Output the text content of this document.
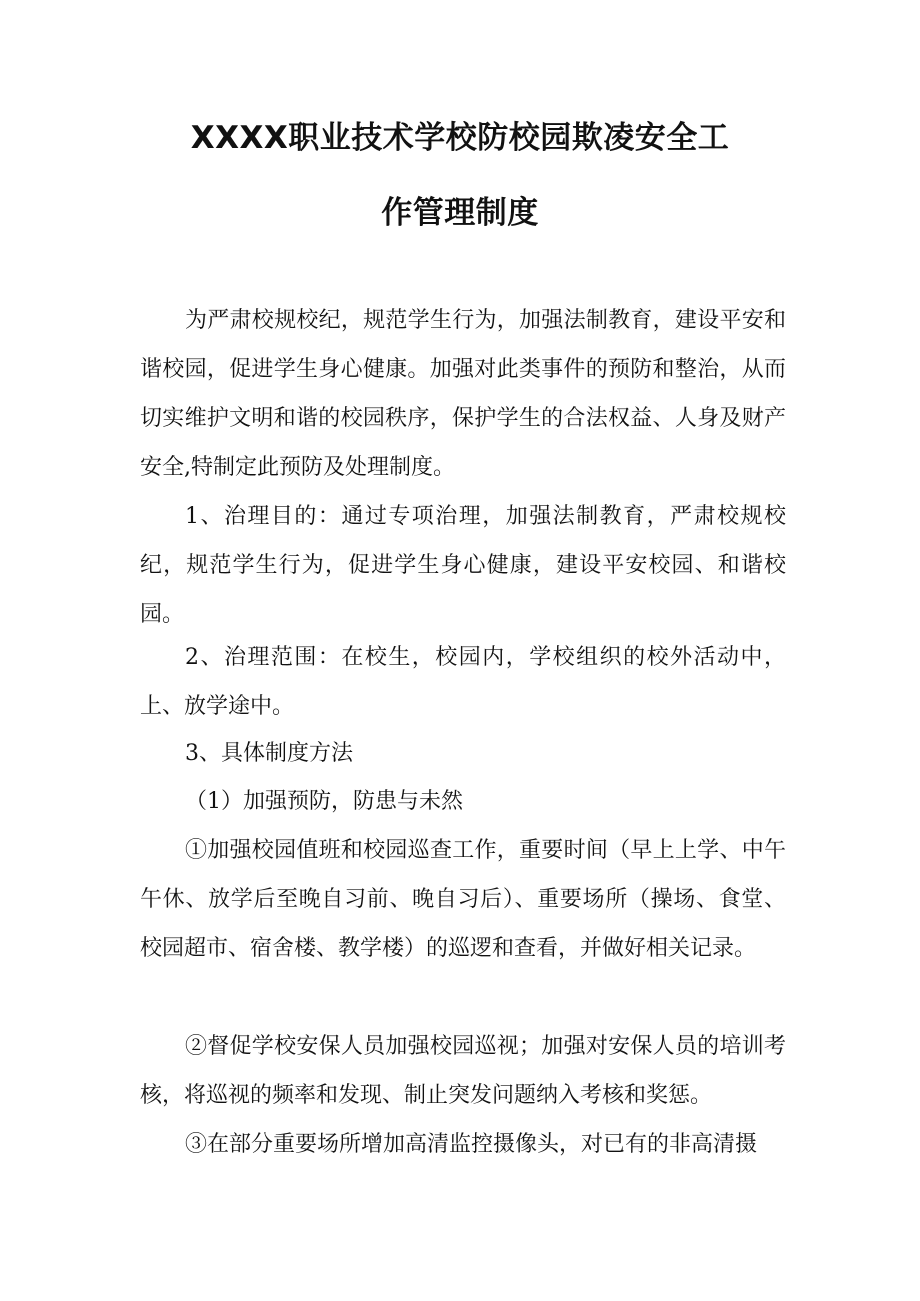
XXXX职业技术学校防校园欺凌安全工
作管理制度

为严肃校规校纪，规范学生行为，加强法制教育，建设平安和谐校园，促进学生身心健康。加强对此类事件的预防和整治，从而切实维护文明和谐的校园秩序，保护学生的合法权益、人身及财产安全,特制定此预防及处理制度。

1、治理目的：通过专项治理，加强法制教育，严肃校规校纪，规范学生行为，促进学生身心健康，建设平安校园、和谐校园。

2、治理范围：在校生，校园内，学校组织的校外活动中，上、放学途中。

3、具体制度方法

（1）加强预防，防患与未然

①加强校园值班和校园巡查工作，重要时间（早上上学、中午午休、放学后至晚自习前、晚自习后）、重要场所（操场、食堂、校园超市、宿舍楼、教学楼）的巡逻和查看，并做好相关记录。

②督促学校安保人员加强校园巡视；加强对安保人员的培训考核，将巡视的频率和发现、制止突发问题纳入考核和奖惩。

③在部分重要场所增加高清监控摄像头，对已有的非高清摄
